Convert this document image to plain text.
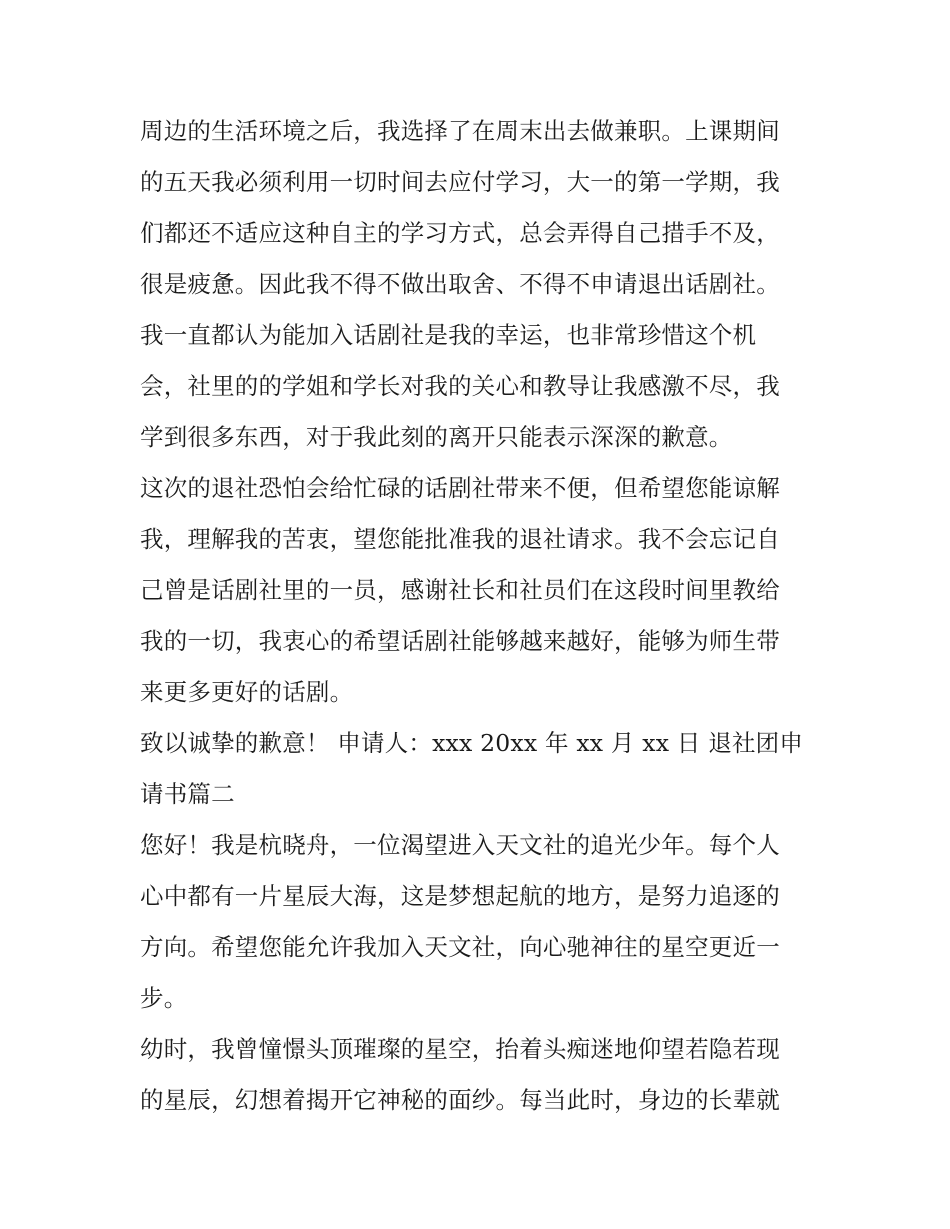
周边的生活环境之后，我选择了在周末出去做兼职。上课期间
的五天我必须利用一切时间去应付学习，大一的第一学期，我
们都还不适应这种自主的学习方式，总会弄得自己措手不及，
很是疲惫。因此我不得不做出取舍、不得不申请退出话剧社。
我一直都认为能加入话剧社是我的幸运，也非常珍惜这个机
会，社里的的学姐和学长对我的关心和教导让我感激不尽，我
学到很多东西，对于我此刻的离开只能表示深深的歉意。
这次的退社恐怕会给忙碌的话剧社带来不便，但希望您能谅解
我，理解我的苦衷，望您能批准我的退社请求。我不会忘记自
己曾是话剧社里的一员，感谢社长和社员们在这段时间里教给
我的一切，我衷心的希望话剧社能够越来越好，能够为师生带
来更多更好的话剧。
致以诚挚的歉意！ 申请人：xxx 20xx 年 xx 月 xx 日 退社团申
请书篇二
您好！我是杭晓舟，一位渴望进入天文社的追光少年。每个人
心中都有一片星辰大海，这是梦想起航的地方，是努力追逐的
方向。希望您能允许我加入天文社，向心驰神往的星空更近一
步。
幼时，我曾憧憬头顶璀璨的星空，抬着头痴迷地仰望若隐若现
的星辰，幻想着揭开它神秘的面纱。每当此时，身边的长辈就
